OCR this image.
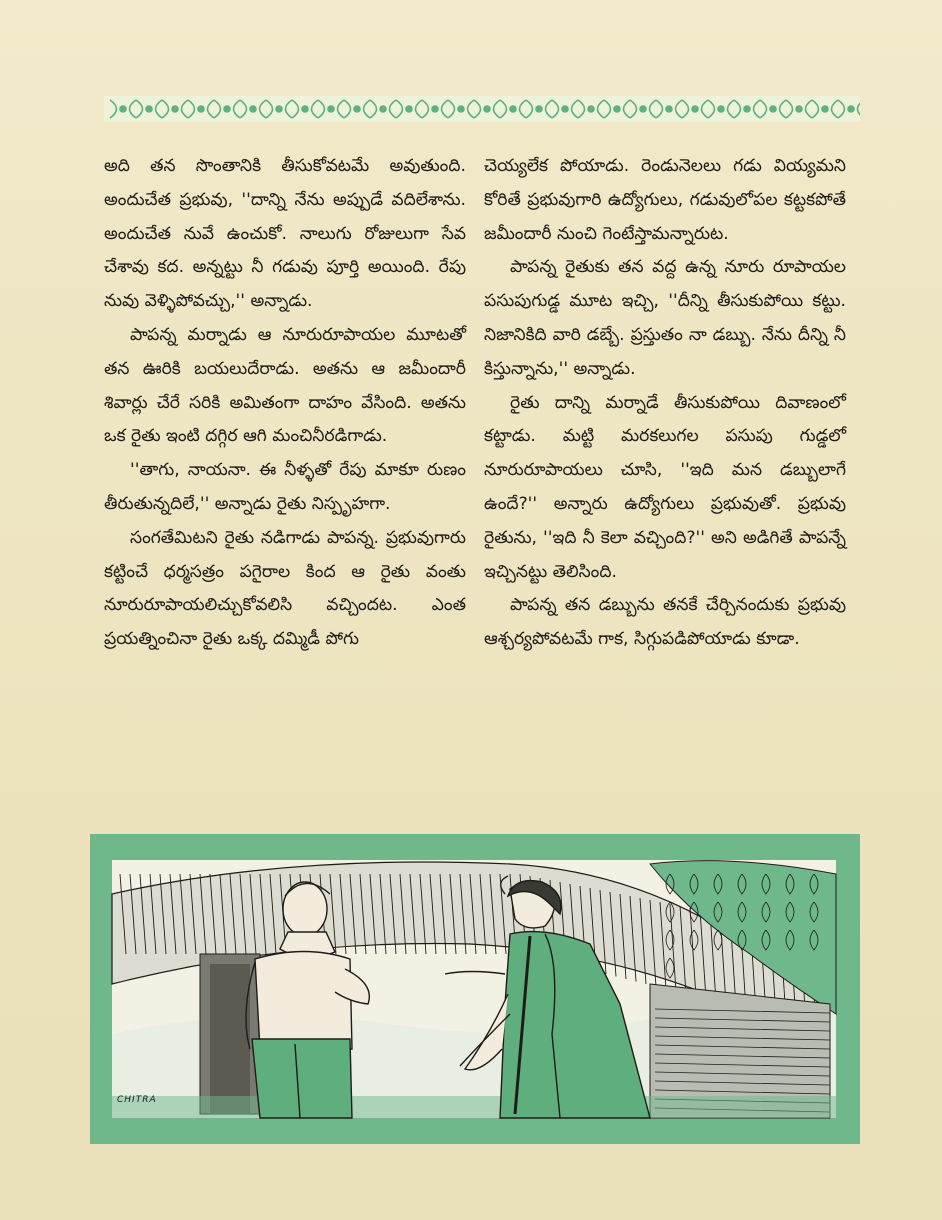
అది తన సొంతానికి తీసుకోవటమే అవుతుంది. అందుచేత ప్రభువు, ''దాన్ని నేను అప్పుడే వదిలేశాను. అందుచేత నువే ఉంచుకో. నాలుగు రోజులుగా సేవ చేశావు కద. అన్నట్టు నీ గడువు పూర్తి అయింది. రేపు నువు వెళ్ళిపోవచ్చు,'' అన్నాడు.

పాపన్న మర్నాడు ఆ నూరురూపాయల మూటతో తన ఊరికి బయలుదేరాడు. అతను ఆ జమీందారీ శివార్లు చేరే సరికి అమితంగా దాహం వేసింది. అతను ఒక రైతు ఇంటి దగ్గిర ఆగి మంచినీరడిగాడు.

''తాగు, నాయనా. ఈ నీళ్ళతో రేపు మాకూ రుణం తీరుతున్నదిలే,'' అన్నాడు రైతు నిస్పృహగా.

సంగతేమిటని రైతు నడిగాడు పాపన్న. ప్రభువుగారు కట్టించే ధర్మసత్రం పగైరాల కింద ఆ రైతు వంతు నూరురూపాయలిచ్చుకోవలిసి వచ్చిందట. ఎంత ప్రయత్నించినా రైతు ఒక్క దమ్మిడీ పోగు

చెయ్యలేక పోయాడు. రెండునెలలు గడు వియ్యమని కోరితే ప్రభువుగారి ఉద్యోగులు, గడువులోపల కట్టకపోతే జమీందారీ నుంచి గెంటేస్తామన్నారుట.

పాపన్న రైతుకు తన వద్ద ఉన్న నూరు రూపాయల పసుపుగుడ్డ మూట ఇచ్చి, ''దీన్ని తీసుకుపోయి కట్టు. నిజానికిది వారి డబ్బే. ప్రస్తుతం నా డబ్బు. నేను దీన్ని నీ కిస్తున్నాను,'' అన్నాడు.

రైతు దాన్ని మర్నాడే తీసుకుపోయి దివాణంలో కట్టాడు. మట్టి మరకలుగల పసుపు గుడ్డలో నూరురూపాయలు చూసి, ''ఇది మన డబ్బులాగే ఉందే?'' అన్నారు ఉద్యోగులు ప్రభువుతో. ప్రభువు రైతును, ''ఇది నీ కెలా వచ్చింది?'' అని అడిగితే పాపన్నే ఇచ్చినట్టు తెలిసింది.

పాపన్న తన డబ్బును తనకే చేర్చినందుకు ప్రభువు ఆశ్చర్యపోవటమే గాక, సిగ్గుపడిపోయాడు కూడా.

CHITRA
